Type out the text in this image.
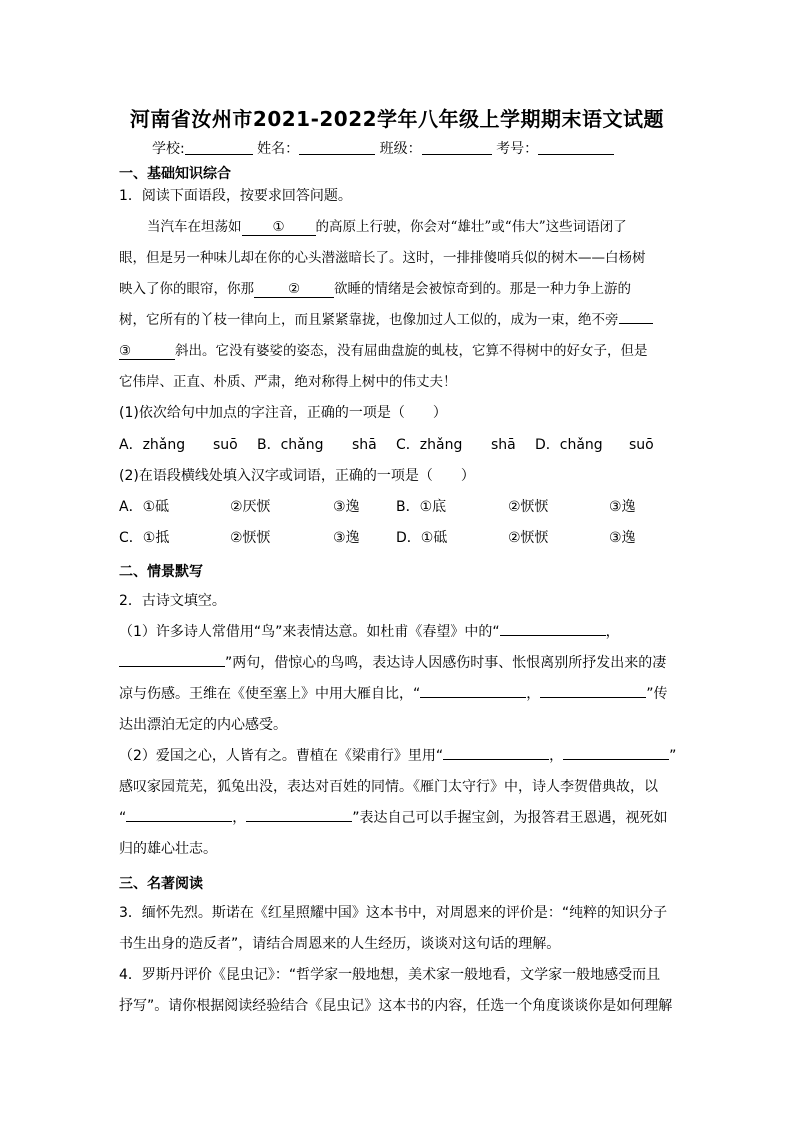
河南省汝州市2021-2022学年八年级上学期期末语文试题
学校:	姓名：	班级：	考号：
一、基础知识综合
1．阅读下面语段，按要求回答问题。
当汽车在坦荡如 ① 的高原上行驶，你会对“雄壮”或“伟大”这些词语闭了
眼，但是另一种味儿却在你的心头潜滋暗长了。这时，一排排傻哨兵似的树木——白杨树
映入了你的眼帘，你那	②	欲睡的情绪是会被惊奇到的。那是一种力争上游的
树，它所有的丫枝一律向上，而且紧紧靠拢，也像加过人工似的，成为一束，绝不旁
③	斜出。它没有婆娑的姿态，没有屈曲盘旋的虬枝，它算不得树中的好女子，但是
它伟岸、正直、朴质、严肃，绝对称得上树中的伟丈夫！
(1)依次给句中加点的字注音，正确的一项是（　　）
A．zhǎng suō B．chǎng shā C．zhǎng shā D．chǎng suō
(2)在语段横线处填入汉字或词语，正确的一项是（　　）
A．①砥	②厌恹	③逸	B．①底	②恹恹	③逸
C．①抵	②恹恹	③逸	D．①砥	②恹恹	③逸
二、情景默写
2．古诗文填空。
（1）许多诗人常借用“鸟”来表情达意。如杜甫《春望》中的“	，
”两句，借惊心的鸟鸣，表达诗人因感伤时事、怅恨离别所抒发出来的凄
凉与伤感。王维在《使至塞上》中用大雁自比，“	，	”传
达出漂泊无定的内心感受。
（2）爱国之心，人皆有之。曹植在《梁甫行》里用“	，	”
感叹家园荒芜，狐兔出没，表达对百姓的同情。《雁门太守行》中，诗人李贺借典故，以
“	，	”表达自己可以手握宝剑，为报答君王恩遇，视死如
归的雄心壮志。
三、名著阅读
3．缅怀先烈。斯诺在《红星照耀中国》这本书中，对周恩来的评价是：“纯粹的知识分子
书生出身的造反者”，请结合周恩来的人生经历，谈谈对这句话的理解。
4．罗斯丹评价《昆虫记》：“哲学家一般地想，美术家一般地看，文学家一般地感受而且
抒写”。请你根据阅读经验结合《昆虫记》这本书的内容，任选一个角度谈谈你是如何理解
